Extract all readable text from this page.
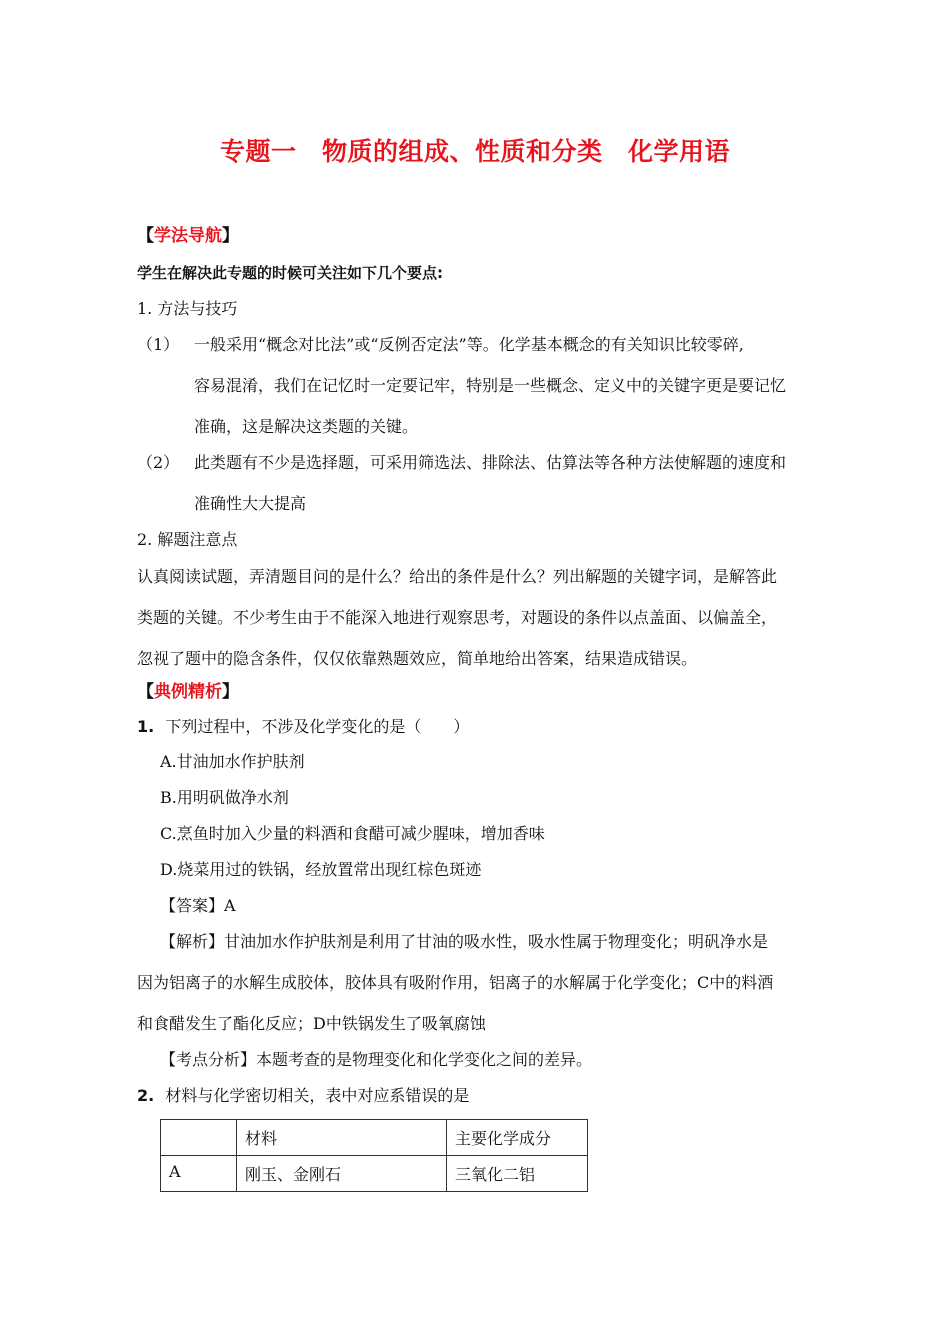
专题一　物质的组成、性质和分类　化学用语
【学法导航】
学生在解决此专题的时候可关注如下几个要点:
1. 方法与技巧
（1） 一般采用“概念对比法”或“反例否定法”等。化学基本概念的有关知识比较零碎,
容易混淆，我们在记忆时一定要记牢，特别是一些概念、定义中的关键字更是要记忆
准确，这是解决这类题的关键。
（2） 此类题有不少是选择题，可采用筛选法、排除法、估算法等各种方法使解题的速度和
准确性大大提高
2. 解题注意点
认真阅读试题，弄清题目问的是什么？给出的条件是什么？列出解题的关键字词，是解答此
类题的关键。不少考生由于不能深入地进行观察思考，对题设的条件以点盖面、以偏盖全，
忽视了题中的隐含条件，仅仅依靠熟题效应，简单地给出答案，结果造成错误。
【典例精析】
1. 下列过程中，不涉及化学变化的是（　　）
A.甘油加水作护肤剂
B.用明矾做净水剂
C.烹鱼时加入少量的料酒和食醋可减少腥味，增加香味
D.烧菜用过的铁锅，经放置常出现红棕色斑迹
【答案】A
【解析】甘油加水作护肤剂是利用了甘油的吸水性，吸水性属于物理变化；明矾净水是
因为铝离子的水解生成胶体，胶体具有吸附作用，铝离子的水解属于化学变化；C中的料酒
和食醋发生了酯化反应；D中铁锅发生了吸氧腐蚀
【考点分析】本题考查的是物理变化和化学变化之间的差异。
2. 材料与化学密切相关，表中对应系错误的是
	材料	主要化学成分
A	刚玉、金刚石	三氧化二铝
